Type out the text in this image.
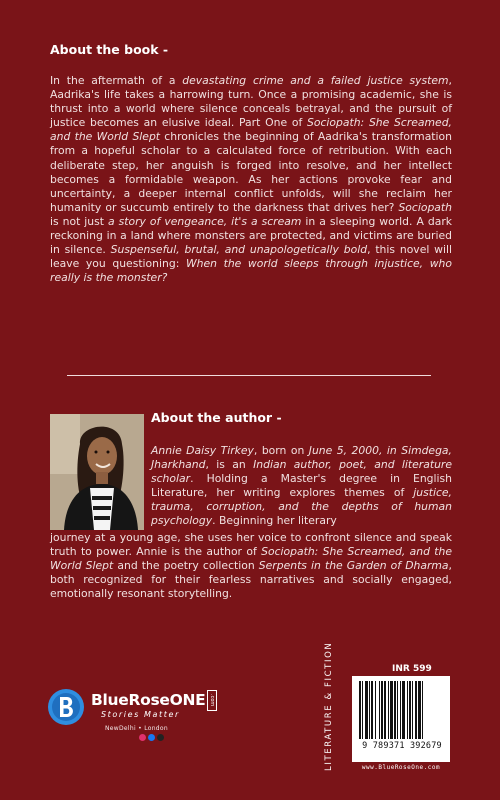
About the book -
In the aftermath of a devastating crime and a failed justice system, Aadrika's life takes a harrowing turn. Once a promising academic, she is thrust into a world where silence conceals betrayal, and the pursuit of justice becomes an elusive ideal. Part One of Sociopath: She Screamed, and the World Slept chronicles the beginning of Aadrika's transformation from a hopeful scholar to a calculated force of retribution. With each deliberate step, her anguish is forged into resolve, and her intellect becomes a formidable weapon. As her actions provoke fear and uncertainty, a deeper internal conflict unfolds, will she reclaim her humanity or succumb entirely to the darkness that drives her? Sociopath is not just a story of vengeance, it's a scream in a sleeping world. A dark reckoning in a land where monsters are protected, and victims are buried in silence. Suspenseful, brutal, and unapologetically bold, this novel will leave you questioning: When the world sleeps through injustice, who really is the monster?
About the author -
Annie Daisy Tirkey, born on June 5, 2000, in Simdega, Jharkhand, is an Indian author, poet, and literature scholar. Holding a Master's degree in English Literature, her writing explores themes of justice, trauma, corruption, and the depths of human psychology. Beginning her literary
journey at a young age, she uses her voice to confront silence and speak truth to power. Annie is the author of Sociopath: She Screamed, and the World Slept and the poetry collection Serpents in the Garden of Dharma, both recognized for their fearless narratives and socially engaged, emotionally resonant storytelling.
BlueRoseONE .com
Stories Matter
NewDelhi • London	LITERATURE & FICTION	INR 599
9 789371 392679
www.BlueRoseOne.com
